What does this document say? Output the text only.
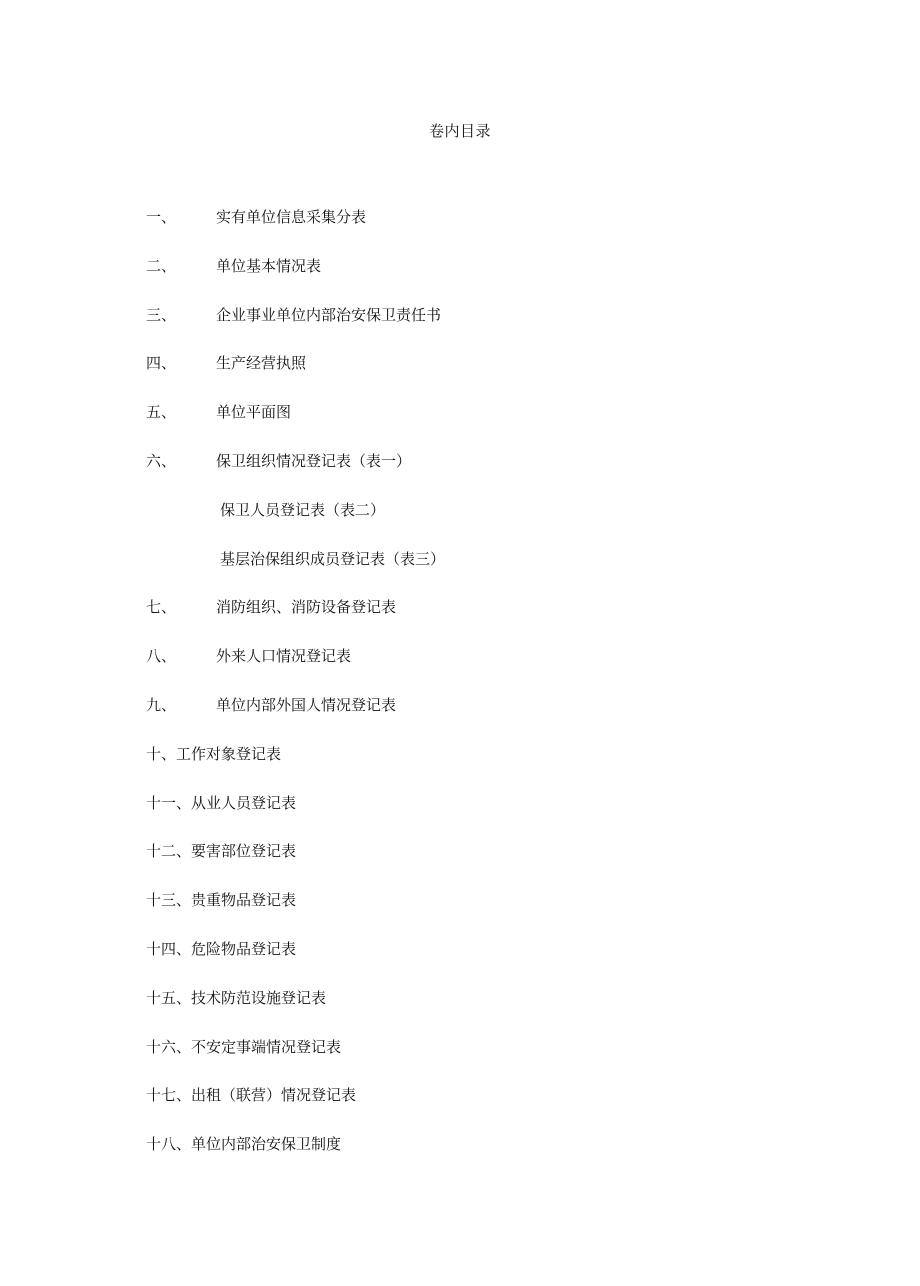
卷内目录
一、	实有单位信息采集分表
二、	单位基本情况表
三、	企业事业单位内部治安保卫责任书
四、	生产经营执照
五、	单位平面图
六、	保卫组织情况登记表（表一）
保卫人员登记表（表二）
基层治保组织成员登记表（表三）
七、	消防组织、消防设备登记表
八、	外来人口情况登记表
九、	单位内部外国人情况登记表
十、工作对象登记表
十一、从业人员登记表
十二、要害部位登记表
十三、贵重物品登记表
十四、危险物品登记表
十五、技术防范设施登记表
十六、不安定事端情况登记表
十七、出租（联营）情况登记表
十八、单位内部治安保卫制度
